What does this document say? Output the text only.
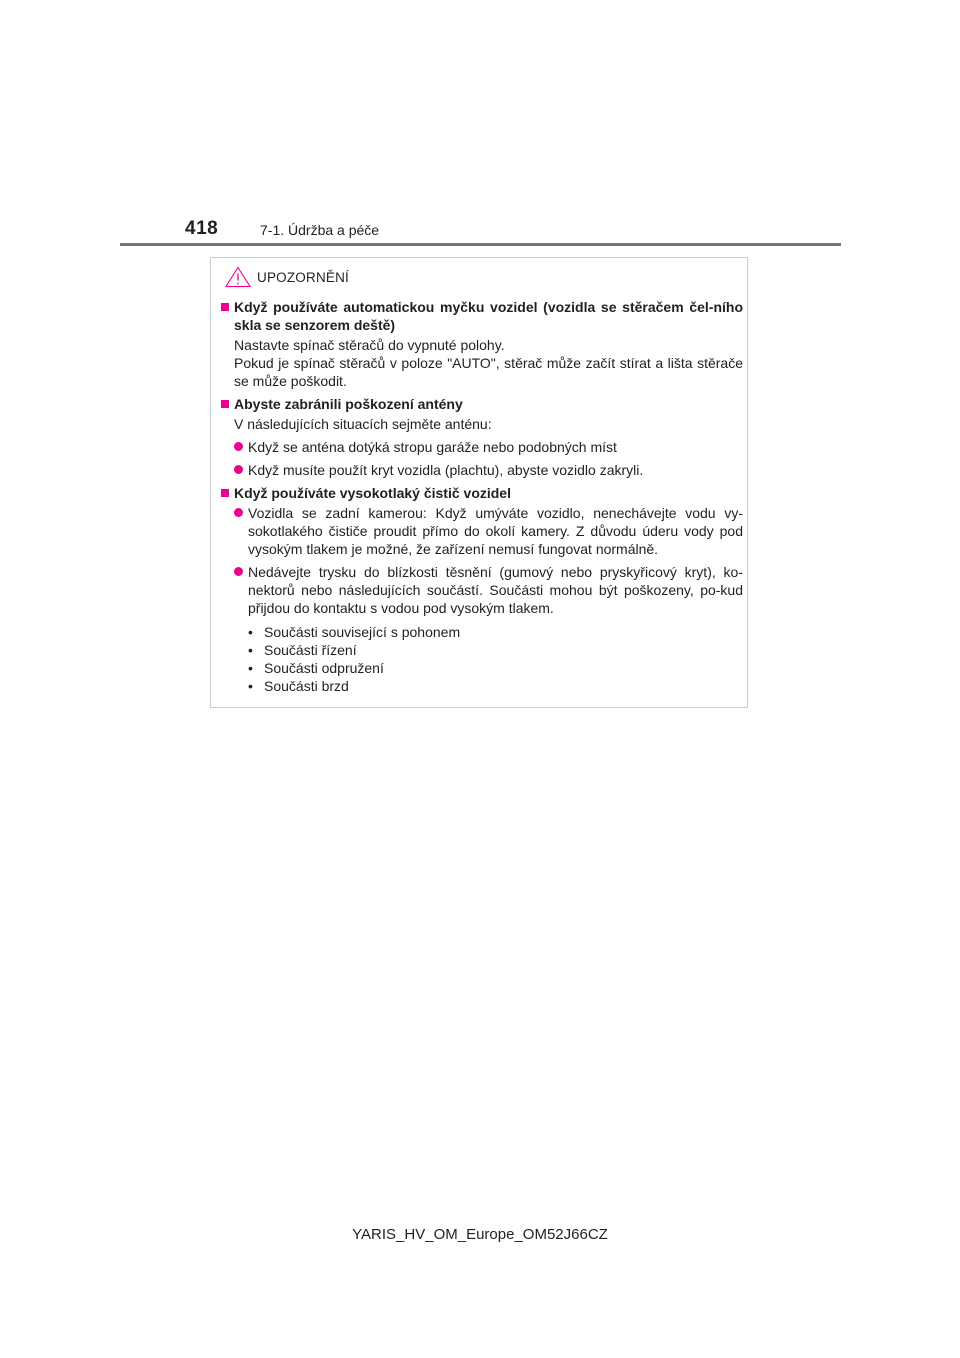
418	7-1. Údržba a péče
UPOZORNĚNÍ
Když používáte automatickou myčku vozidel (vozidla se stěračem čel-ního skla se senzorem deště)
Nastavte spínač stěračů do vypnuté polohy.
Pokud je spínač stěračů v poloze "AUTO", stěrač může začít stírat a lišta stěrače se může poškodit.
Abyste zabránili poškození antény
V následujících situacích sejměte anténu:
Když se anténa dotýká stropu garáže nebo podobných míst
Když musíte použít kryt vozidla (plachtu), abyste vozidlo zakryli.
Když používáte vysokotlaký čistič vozidel
Vozidla se zadní kamerou: Když umýváte vozidlo, nenechávejte vodu vy-sokotlakého čističe proudit přímo do okolí kamery. Z důvodu úderu vody pod vysokým tlakem je možné, že zařízení nemusí fungovat normálně.
Nedávejte trysku do blízkosti těsnění (gumový nebo pryskyřicový kryt), ko-nektorů nebo následujících součástí. Součásti mohou být poškozeny, po-kud přijdou do kontaktu s vodou pod vysokým tlakem.
• Součásti související s pohonem
• Součásti řízení
• Součásti odpružení
• Součásti brzd
YARIS_HV_OM_Europe_OM52J66CZ
